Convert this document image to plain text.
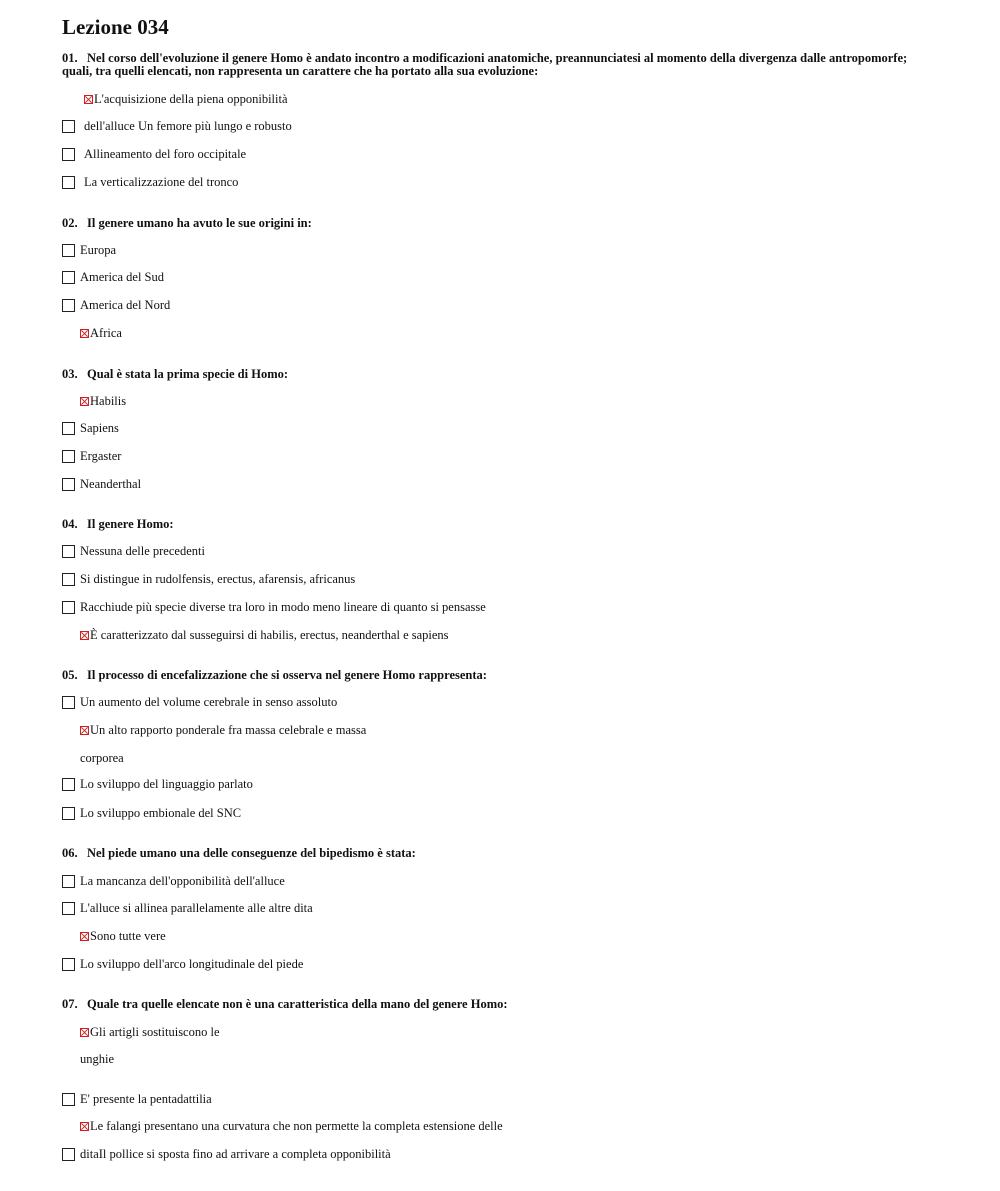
Lezione 034
01. Nel corso dell'evoluzione il genere Homo è andato incontro a modificazioni anatomiche, preannunciatesi al momento della divergenza dalle antropomorfe; quali, tra quelli elencati, non rappresenta un carattere che ha portato alla sua evoluzione:
L'acquisizione della piena opponibilità
dell'alluce Un femore più lungo e robusto
Allineamento del foro occipitale
La verticalizzazione del tronco
02. Il genere umano ha avuto le sue origini in:
Europa
America del Sud
America del Nord
Africa
03. Qual è stata la prima specie di Homo:
Habilis
Sapiens
Ergaster
Neanderthal
04. Il genere Homo:
Nessuna delle precedenti
Si distingue in rudolfensis, erectus, afarensis, africanus
Racchiude più specie diverse tra loro in modo meno lineare di quanto si pensasse
È caratterizzato dal susseguirsi di habilis, erectus, neanderthal e sapiens
05. Il processo di encefalizzazione che si osserva nel genere Homo rappresenta:
Un aumento del volume cerebrale in senso assoluto
Un alto rapporto ponderale fra massa celebrale e massa
corporea
Lo sviluppo del linguaggio parlato
Lo sviluppo embionale del SNC
06. Nel piede umano una delle conseguenze del bipedismo è stata:
La mancanza dell'opponibilità dell'alluce
L'alluce si allinea parallelamente alle altre dita
Sono tutte vere
Lo sviluppo dell'arco longitudinale del piede
07. Quale tra quelle elencate non è una caratteristica della mano del genere Homo:
Gli artigli sostituiscono le
unghie
E' presente la pentadattilia
Le falangi presentano una curvatura che non permette la completa estensione delle
ditaIl pollice si sposta fino ad arrivare a completa opponibilità
